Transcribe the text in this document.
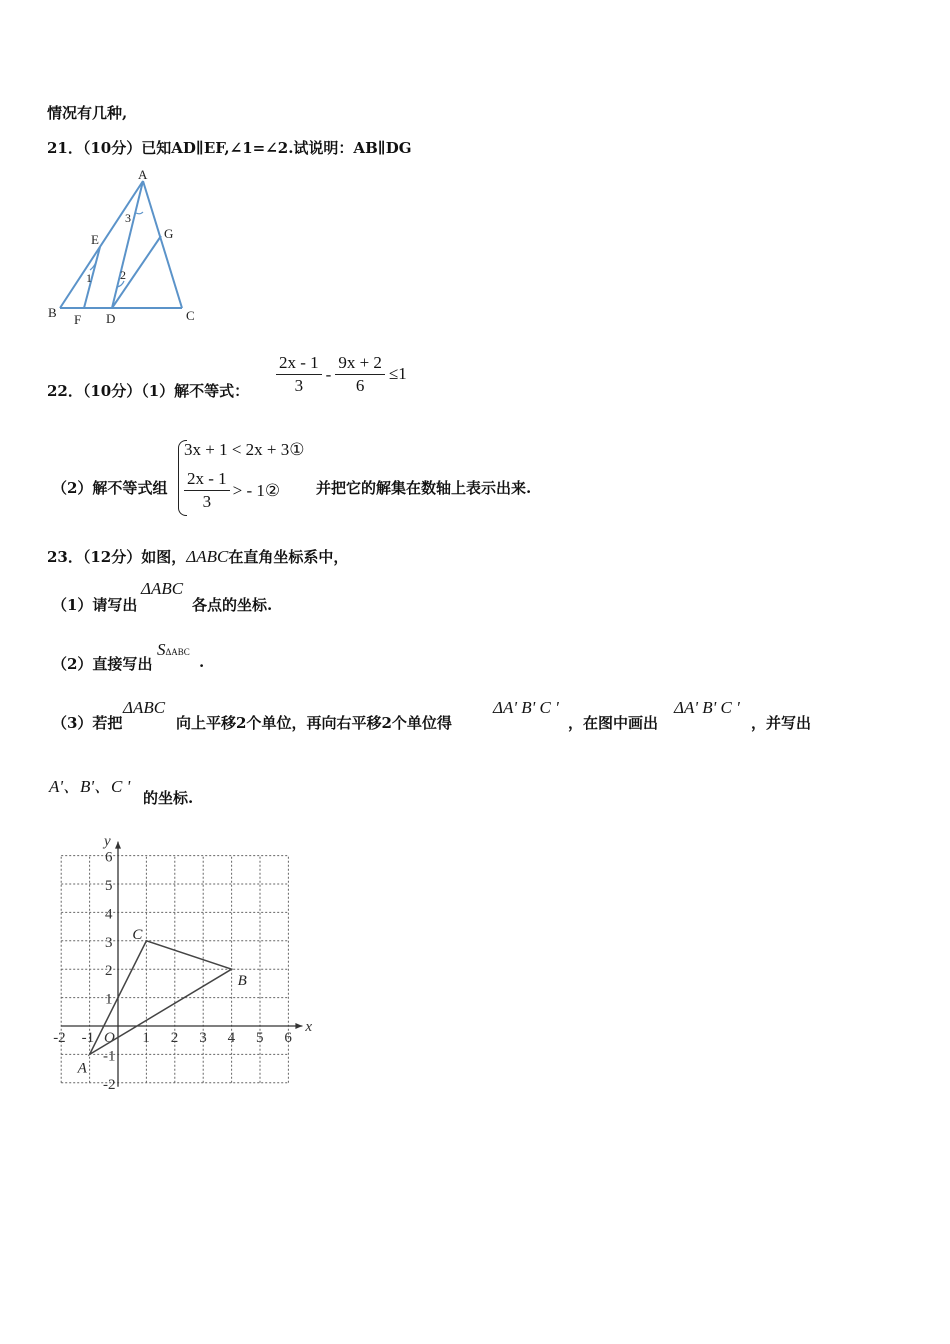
情况有几种,
21．（10分）已知AD∥EF,∠1=∠2.试说明：AB∥DG
A
B	C
D
E
F
G
1 2
3
22．（10分）（1）解不等式： $\frac{2x - 1}{3} - \frac{9x + 2}{6} \le 1$
（2）解不等式组
3x + 1 < 2x + 3①
$\frac{2x - 1}{3}$ > - 1② 并把它的解集在数轴上表示出来.
23．（12分）如图， ΔABC 在直角坐标系中，
（1）请写出
ΔABC
各点的坐标.
（2）直接写出
SΔABC
.
（3）若把
ΔABC
向上平移2个单位，再向右平移2个单位得
ΔA' B' C '
，在图中画出
ΔA' B' C '
，并写出
A'、B'、C '
的坐标.
-2 -1	1 2 3 4 5 6
6
5
4
3
2
1
-1
-2
x
y
O
A
B
C
